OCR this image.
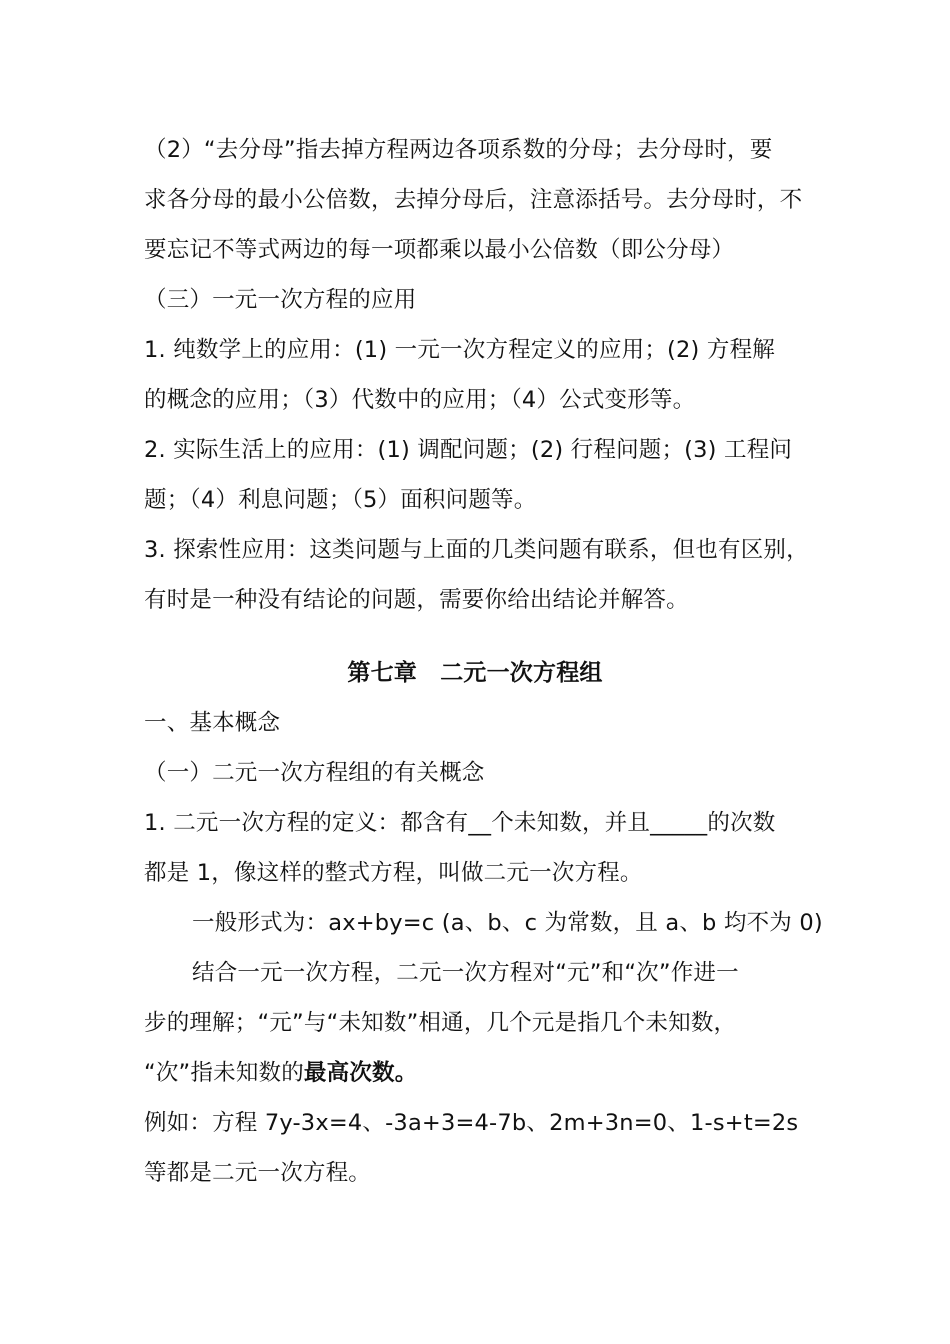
（2）“去分母”指去掉方程两边各项系数的分母；去分母时，要
求各分母的最小公倍数，去掉分母后，注意添括号。去分母时，不
要忘记不等式两边的每一项都乘以最小公倍数（即公分母）
（三）一元一次方程的应用
1. 纯数学上的应用：(1) 一元一次方程定义的应用；(2) 方程解
的概念的应用；（3）代数中的应用；（4）公式变形等。
2. 实际生活上的应用：(1) 调配问题；(2) 行程问题；(3) 工程问
题；（4）利息问题；（5）面积问题等。
3. 探索性应用：这类问题与上面的几类问题有联系，但也有区别，
有时是一种没有结论的问题，需要你给出结论并解答。
第七章　二元一次方程组
一、基本概念
（一）二元一次方程组的有关概念
1. 二元一次方程的定义：都含有__个未知数，并且_____的次数
都是 1，像这样的整式方程，叫做二元一次方程。
一般形式为：ax+by=c (a、b、c 为常数，且 a、b 均不为 0)
结合一元一次方程，二元一次方程对“元”和“次”作进一
步的理解；“元”与“未知数”相通，几个元是指几个未知数，
“次”指未知数的最高次数。
例如：方程 7y-3x=4、-3a+3=4-7b、2m+3n=0、1-s+t=2s
等都是二元一次方程。
